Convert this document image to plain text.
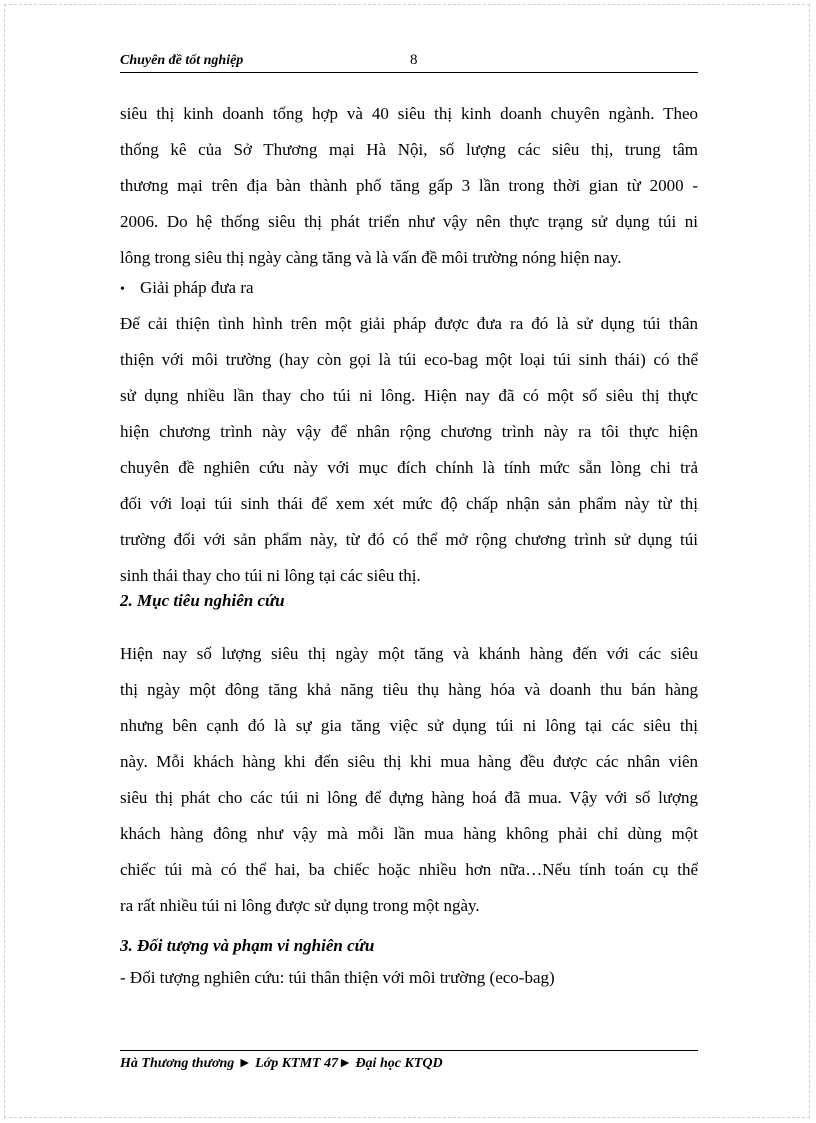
Chuyên đề tốt nghiệp	8
siêu thị kinh doanh tổng hợp và 40 siêu thị kinh doanh chuyên ngành. Theo
thống kê của Sở Thương mại Hà Nội, số lượng các siêu thị, trung tâm
thương mại trên địa bàn thành phố tăng gấp 3 lần trong thời gian từ 2000 -
2006. Do hệ thống siêu thị phát triển như vậy nên thực trạng sử dụng túi ni
lông trong siêu thị ngày càng tăng và là vấn đề môi trường nóng hiện nay.
• Giải pháp đưa ra
Để cải thiện tình hình trên một giải pháp được đưa ra đó là sử dụng túi thân
thiện với môi trường (hay còn gọi là túi eco-bag một loại túi sinh thái) có thể
sử dụng nhiều lần thay cho túi ni lông. Hiện nay đã có một số siêu thị thực
hiện chương trình này vậy để nhân rộng chương trình này ra tôi thực hiện
chuyên đề nghiên cứu này với mục đích chính là tính mức sẵn lòng chi trả
đối với loại túi sinh thái để xem xét mức độ chấp nhận sản phẩm này từ thị
trường đối với sản phẩm này, từ đó có thể mở rộng chương trình sử dụng túi
sinh thái thay cho túi ni lông tại các siêu thị.
2. Mục tiêu nghiên cứu
Hiện nay số lượng siêu thị ngày một tăng và khánh hàng đến với các siêu
thị ngày một đông tăng khả năng tiêu thụ hàng hóa và doanh thu bán hàng
nhưng bên cạnh đó là sự gia tăng việc sử dụng túi ni lông tại các siêu thị
này. Mỗi khách hàng khi đến siêu thị khi mua hàng đều được các nhân viên
siêu thị phát cho các túi ni lông để đựng hàng hoá đã mua. Vậy với số lượng
khách hàng đông như vậy mà mỗi lần mua hàng không phải chỉ dùng một
chiếc túi mà có thể hai, ba chiếc hoặc nhiều hơn nữa…Nếu tính toán cụ thể
ra rất nhiều túi ni lông được sử dụng trong một ngày.
3. Đối tượng và phạm vi nghiên cứu
- Đối tượng nghiên cứu: túi thân thiện với môi trường (eco-bag)
Hà Thương thương ► Lớp KTMT 47► Đại học KTQD
